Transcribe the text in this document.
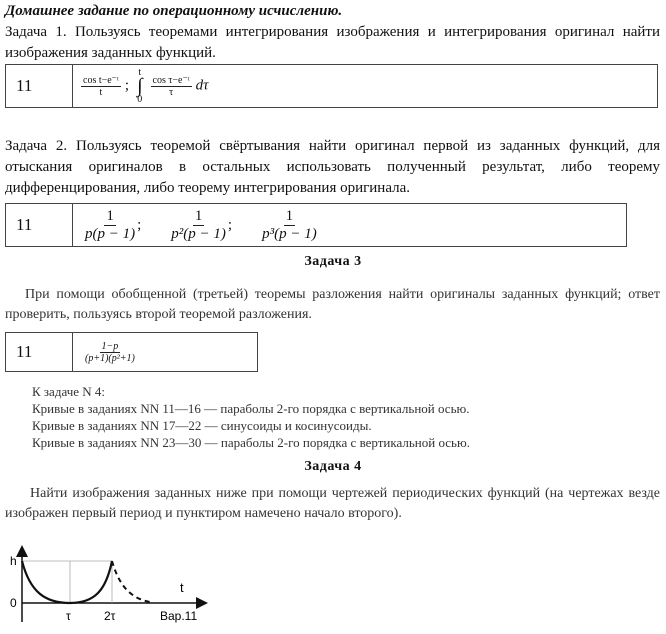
Домашнее задание по операционному исчислению.
Задача 1. Пользуясь теоремами интегрирования изображения и интегрирования оригинал найти изображения заданных функций.
11	$\frac{\text{cos t−e⁻ᵗ}}{t}$ ;
t
∫
0

$\frac{\text{cos τ−e⁻ᵗ}}{\tau}$ dτ
Задача 2. Пользуясь теоремой свёртывания найти оригинал первой из заданных функций, для отыскания оригиналов в остальных использовать полученный результат, либо теорему дифференцирования, либо теорему интегрирования оригинала.
11	$\frac{1}{p(p - 1)}$ ; $\frac{1}{\text{p²(p − 1)}}$ ; $\frac{1}{\text{p³(p − 1)}}$
Задача 3
При помощи обобщенной (третьей) теоремы разложения найти оригиналы заданных функций; ответ проверить, пользуясь второй теоремой разложения.
11	$\frac{1-p}{\text{(p+1)(p²+1)}}$
К задаче N 4:
Кривые в заданиях NN 11—16 — параболы 2-го порядка с вертикальной осью.
Кривые в заданиях NN 17—22 — синусоиды и косинусоиды.
Кривые в заданиях NN 23—30 — параболы 2-го порядка с вертикальной осью.
Задача 4
Найти изображения заданных ниже при помощи чертежей периодических функций (на чертежах везде изображен первый период и пунктиром намечено начало второго).
h
0
t
τ	2τ	Вар.11
